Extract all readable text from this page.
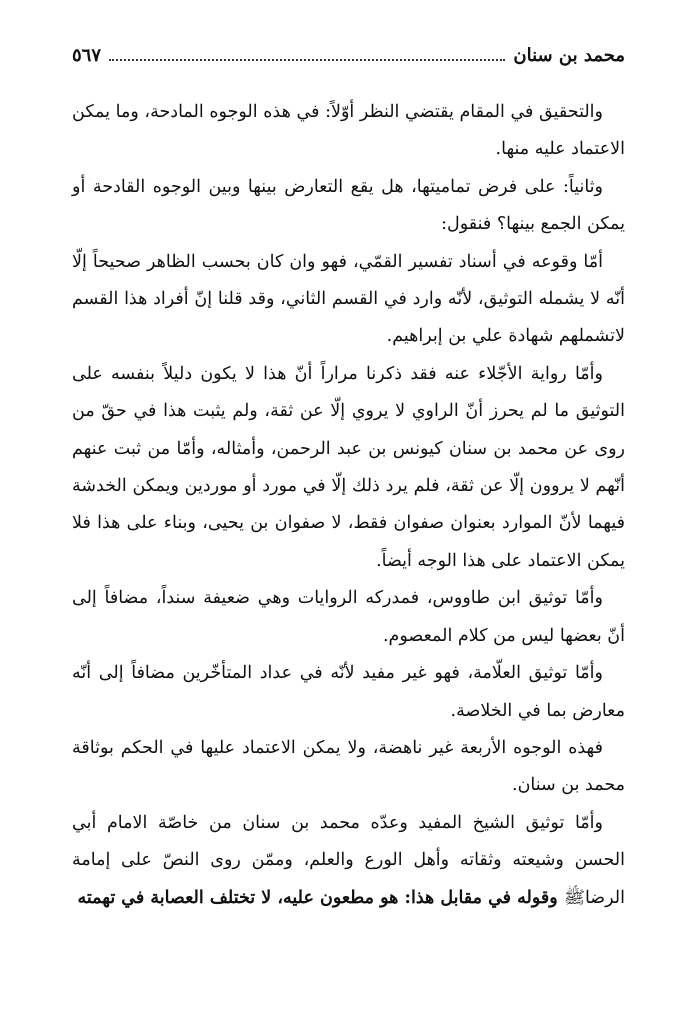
محمد بن سنان
٥٦٧

والتحقيق في المقام يقتضي النظر أوّلاً: في هذه الوجوه المادحة، وما يمكن الاعتماد عليه منها.

وثانياً: على فرض تماميتها، هل يقع التعارض بينها وبين الوجوه القادحة أو يمكن الجمع بينها؟ فنقول:

أمّا وقوعه في أسناد تفسير القمّي، فهو وان كان بحسب الظاهر صحيحاً إلّا أنّه لا يشمله التوثيق، لأنّه وارد في القسم الثاني، وقد قلنا إنّ أفراد هذا القسم لاتشملهم شهادة علي بن إبراهيم.

وأمّا رواية الأجّلاء عنه فقد ذكرنا مراراً أنّ هذا لا يكون دليلاً بنفسه على التوثيق ما لم يحرز أنّ الراوي لا يروي إلّا عن ثقة، ولم يثبت هذا في حقّ من روى عن محمد بن سنان كيونس بن عبد الرحمن، وأمثاله، وأمّا من ثبت عنهم أنّهم لا يروون إلّا عن ثقة، فلم يرد ذلك إلّا في مورد أو موردين ويمكن الخدشة فيهما لأنّ الموارد بعنوان صفوان فقط، لا صفوان بن يحيى، وبناء على هذا فلا يمكن الاعتماد على هذا الوجه أيضاً.

وأمّا توثيق ابن طاووس، فمدركه الروايات وهي ضعيفة سنداً، مضافاً إلى أنّ بعضها ليس من كلام المعصوم.

وأمّا توثيق العلّامة، فهو غير مفيد لأنّه في عداد المتأخّرين مضافاً إلى أنّه معارض بما في الخلاصة.

فهذه الوجوه الأربعة غير ناهضة، ولا يمكن الاعتماد عليها في الحكم بوثاقة محمد بن سنان.

وأمّا توثيق الشيخ المفيد وعدّه محمد بن سنان من خاصّة الامام أبي الحسن وشيعته وثقاته وأهل الورع والعلم، وممّن روى النصّ على إمامة الرضاﷺ وقوله في مقابل هذا: هو مطعون عليه، لا تختلف العصابة في تهمته
